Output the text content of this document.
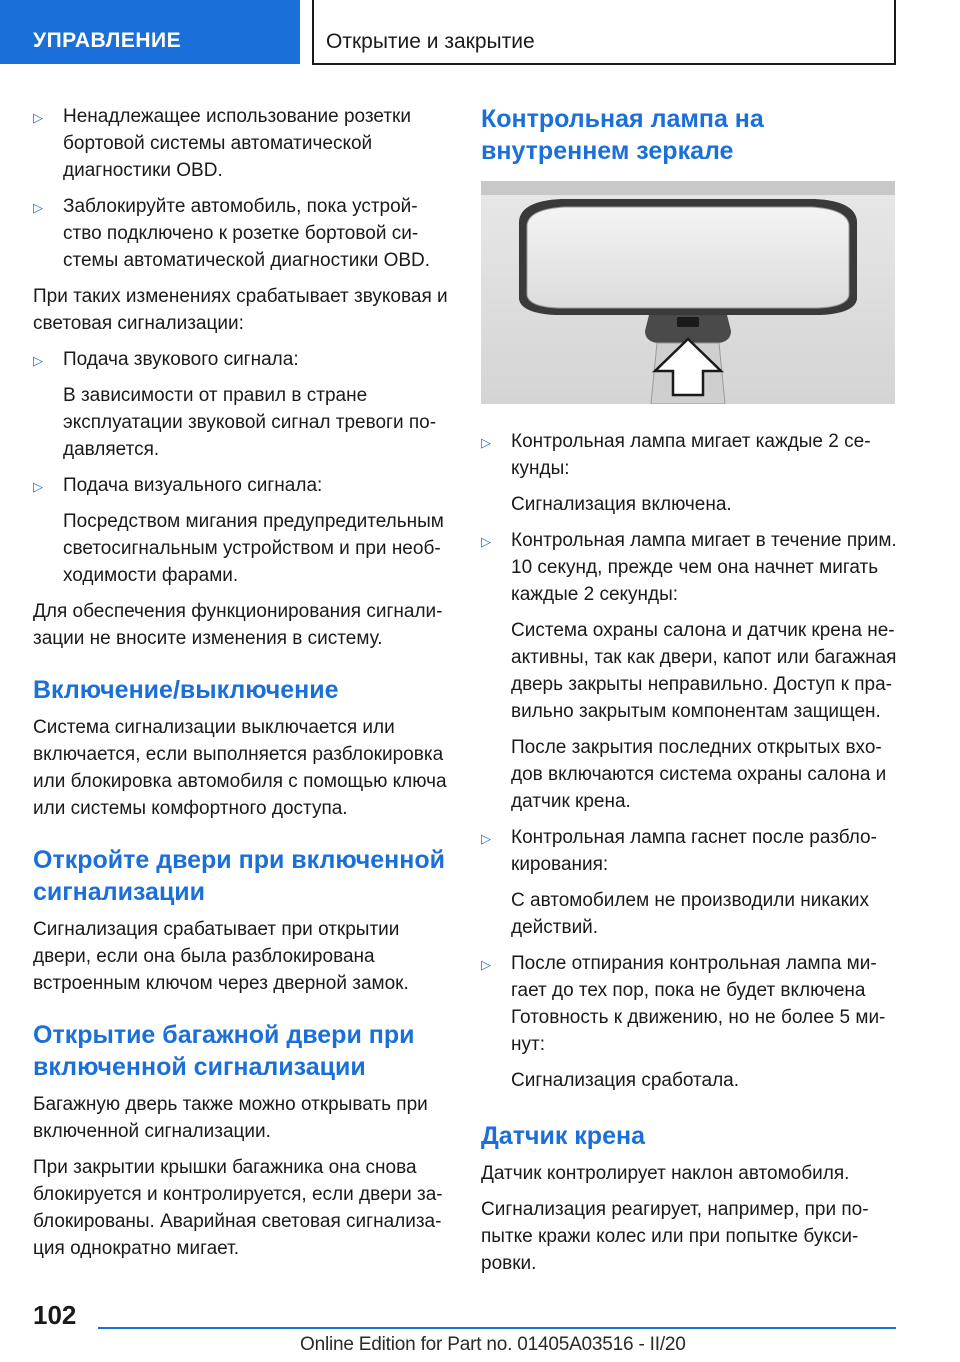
УПРАВЛЕНИЕ	Открытие и закрытие
▷ Ненадлежащее использование розетки бортовой системы автоматической диагностики OBD.

▷ Заблокируйте автомобиль, пока устрой-ство подключено к розетке бортовой си-стемы автоматической диагностики OBD.

При таких изменениях срабатывает звуковая и световая сигнализации:

▷ Подача звукового сигнала:

В зависимости от правил в стране эксплуатации звуковой сигнал тревоги по-давляется.

▷ Подача визуального сигнала:

Посредством мигания предупредительным светосигнальным устройством и при необ-ходимости фарами.

Для обеспечения функционирования сигнали-зации не вносите изменения в систему.

Включение/выключение

Система сигнализации выключается или включается, если выполняется разблокировка или блокировка автомобиля с помощью ключа или системы комфортного доступа.

Откройте двери при включенной сигнализации

Сигнализация срабатывает при открытии двери, если она была разблокирована встроенным ключом через дверной замок.

Открытие багажной двери при включенной сигнализации

Багажную дверь также можно открывать при включенной сигнализации.

При закрытии крышки багажника она снова блокируется и контролируется, если двери за-блокированы. Аварийная световая сигнализа-ция однократно мигает.

Контрольная лампа на внутреннем зеркале
▷ Контрольная лампа мигает каждые 2 се-кунды:

Сигнализация включена.

▷ Контрольная лампа мигает в течение прим. 10 секунд, прежде чем она начнет мигать каждые 2 секунды:

Система охраны салона и датчик крена не-активны, так как двери, капот или багажная дверь закрыты неправильно. Доступ к пра-вильно закрытым компонентам защищен.

После закрытия последних открытых вхо-дов включаются система охраны салона и датчик крена.

▷ Контрольная лампа гаснет после разбло-кирования:

С автомобилем не производили никаких действий.

▷ После отпирания контрольная лампа ми-гает до тех пор, пока не будет включена Готовность к движению, но не более 5 ми-нут:

Сигнализация сработала.

Датчик крена

Датчик контролирует наклон автомобиля.

Сигнализация реагирует, например, при по-пытке кражи колес или при попытке букси-ровки.

102
Online Edition for Part no. 01405A03516 - II/20
